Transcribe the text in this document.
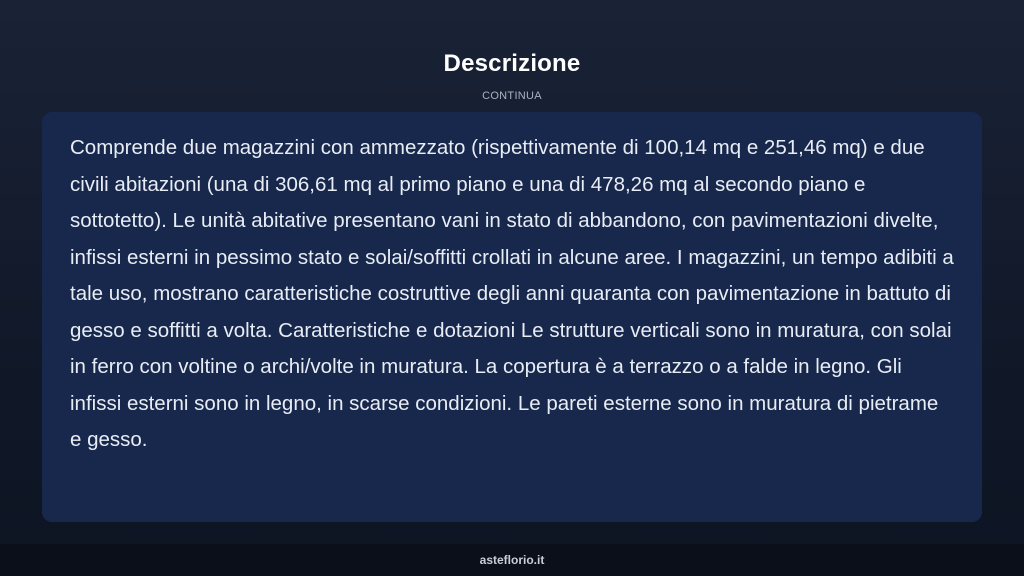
Descrizione
CONTINUA

Comprende due magazzini con ammezzato (rispettivamente di 100,14 mq e 251,46 mq) e due civili abitazioni (una di 306,61 mq al primo piano e una di 478,26 mq al secondo piano e sottotetto). Le unità abitative presentano vani in stato di abbandono, con pavimentazioni divelte, infissi esterni in pessimo stato e solai/soffitti crollati in alcune aree. I magazzini, un tempo adibiti a tale uso, mostrano caratteristiche costruttive degli anni quaranta con pavimentazione in battuto di gesso e soffitti a volta. Caratteristiche e dotazioni Le strutture verticali sono in muratura, con solai in ferro con voltine o archi/volte in muratura. La copertura è a terrazzo o a falde in legno. Gli infissi esterni sono in legno, in scarse condizioni. Le pareti esterne sono in muratura di pietrame e gesso.

asteflorio.it
